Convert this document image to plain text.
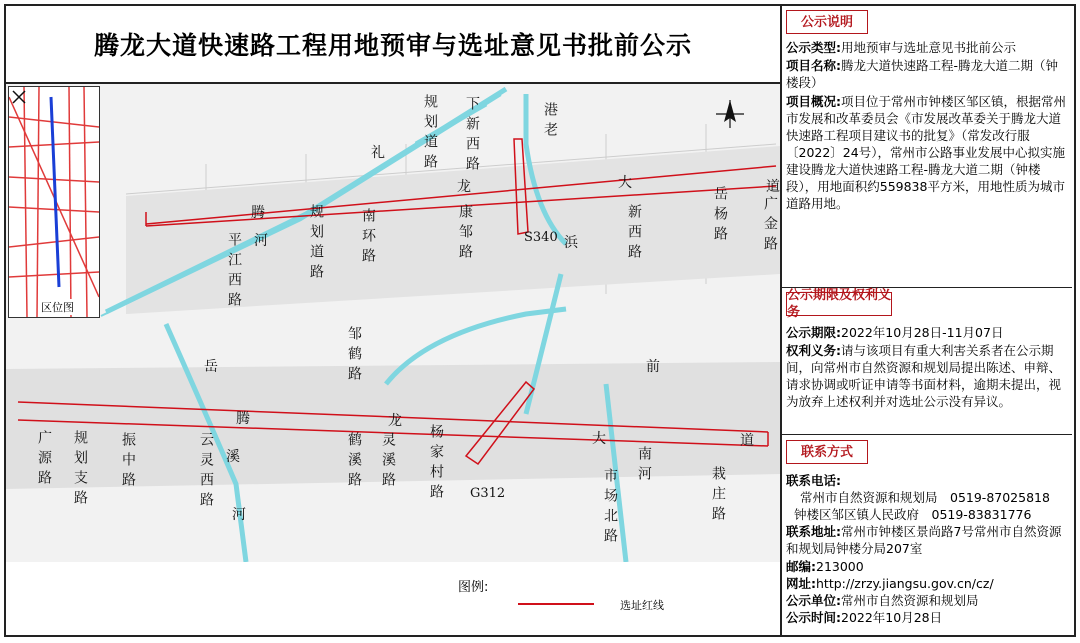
腾龙大道快速路工程用地预审与选址意见书批前公示
区位图
规划道路 下新西路
礼
腾
河
平江西路	规划道路	南环路
龙
康邹路
港老
S340 浜
大
新西路	岳杨路	道
广金路
邹鹤路
岳
广源路 规划支路 振中路	云灵西路
腾
溪
河
鹤溪路 灵溪路
龙
杨家村路 G312
大
市场北路
前
南河
道
栽庄路
图例:
选址红线
公示说明
公示类型:用地预审与选址意见书批前公示
项目名称:腾龙大道快速路工程-腾龙大道二期（钟楼段）
项目概况:项目位于常州市钟楼区邹区镇，根据常州市发展和改革委员会《市发展改革委关于腾龙大道快速路工程项目建议书的批复》（常发改行服〔2022〕24号），常州市公路事业发展中心拟实施建设腾龙大道快速路工程-腾龙大道二期（钟楼段），用地面积约559838平方米，用地性质为城市道路用地。
公示期限及权利义务
公示期限:2022年10月28日-11月07日
权利义务:请与该项目有重大利害关系者在公示期间，向常州市自然资源和规划局提出陈述、申辩、请求协调或听证申请等书面材料，逾期未提出，视为放弃上述权利并对选址公示没有异议。
联系方式
联系电话:
常州市自然资源和规划局　0519-87025818
钟楼区邹区镇人民政府　0519-83831776
联系地址:常州市钟楼区景尚路7号常州市自然资源和规划局钟楼分局207室
邮编:213000
网址:http://zrzy.jiangsu.gov.cn/cz/
公示单位:常州市自然资源和规划局
公示时间:2022年10月28日
